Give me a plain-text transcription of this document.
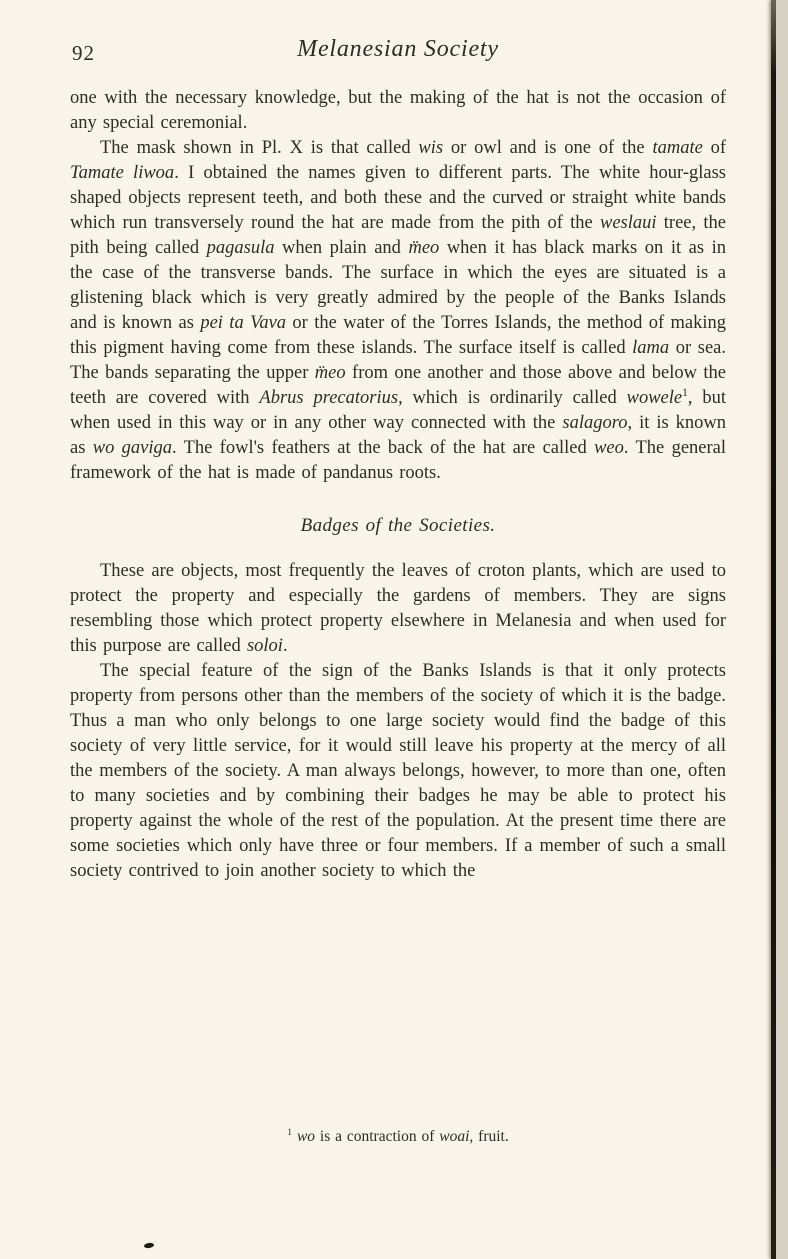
92	Melanesian Society

one with the necessary knowledge, but the making of the hat is not the occasion of any special ceremonial.

The mask shown in Pl. X is that called wis or owl and is one of the tamate of Tamate liwoa. I obtained the names given to different parts. The white hour-glass shaped objects represent teeth, and both these and the curved or straight white bands which run transversely round the hat are made from the pith of the weslaui tree, the pith being called pagasula when plain and m̈eo when it has black marks on it as in the case of the transverse bands. The surface in which the eyes are situated is a glistening black which is very greatly admired by the people of the Banks Islands and is known as pei ta Vava or the water of the Torres Islands, the method of making this pigment having come from these islands. The surface itself is called lama or sea. The bands separating the upper m̈eo from one another and those above and below the teeth are covered with Abrus precatorius, which is ordinarily called wowele$^1$, but when used in this way or in any other way connected with the salagoro, it is known as wo gaviga. The fowl's feathers at the back of the hat are called weo. The general framework of the hat is made of pandanus roots.

Badges of the Societies.

These are objects, most frequently the leaves of croton plants, which are used to protect the property and especially the gardens of members. They are signs resembling those which protect property elsewhere in Melanesia and when used for this purpose are called soloi.

The special feature of the sign of the Banks Islands is that it only protects property from persons other than the members of the society of which it is the badge. Thus a man who only belongs to one large society would find the badge of this society of very little service, for it would still leave his property at the mercy of all the members of the society. A man always belongs, however, to more than one, often to many societies and by combining their badges he may be able to protect his property against the whole of the rest of the population. At the present time there are some societies which only have three or four members. If a member of such a small society contrived to join another society to which the

$^1$ wo is a contraction of woai, fruit.
